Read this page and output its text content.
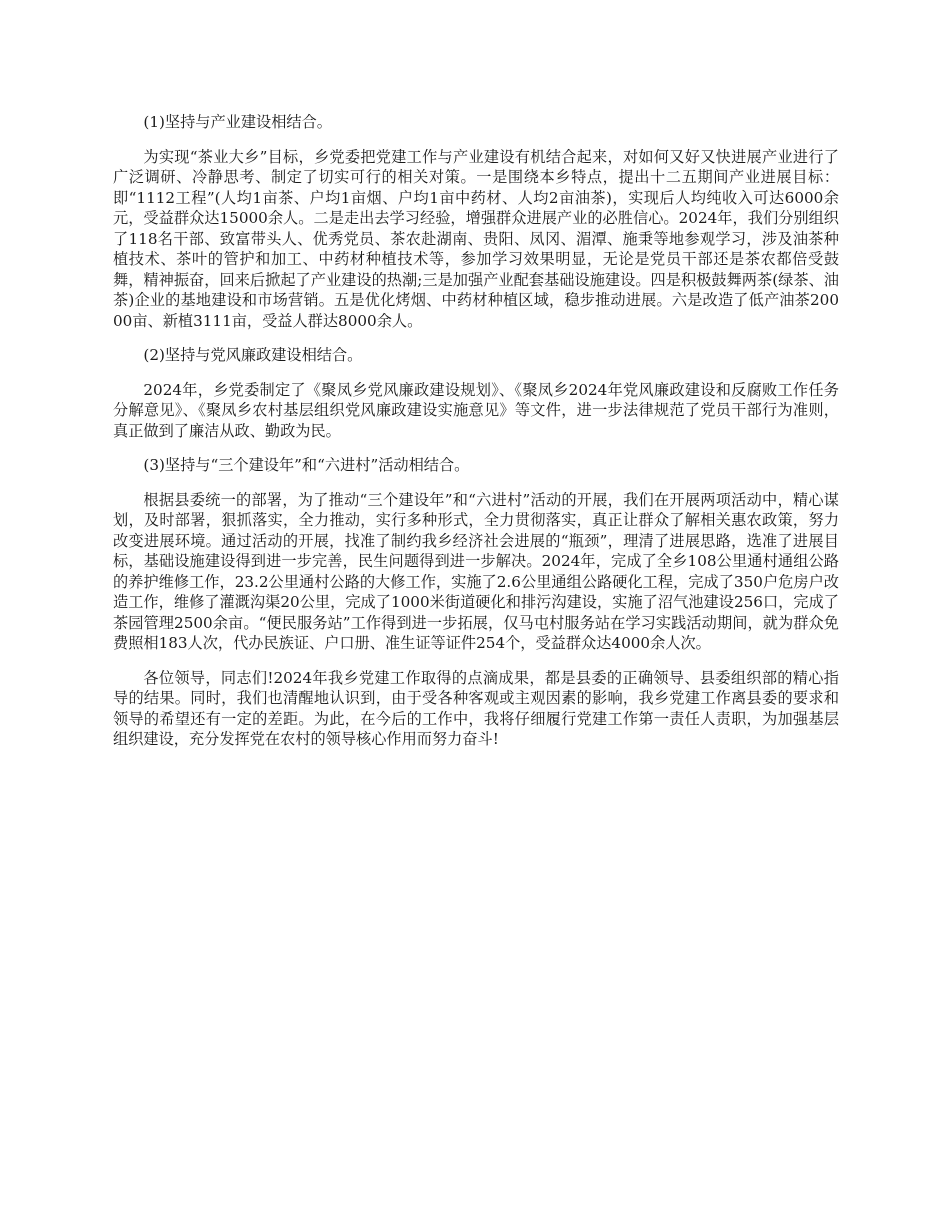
(1)坚持与产业建设相结合。

为实现“茶业大乡”目标，乡党委把党建工作与产业建设有机结合起来，对如何又好又快进展产业进行了广泛调研、冷静思考、制定了切实可行的相关对策。一是围绕本乡特点，提出十二五期间产业进展目标：即“1112工程”(人均1亩茶、户均1亩烟、户均1亩中药材、人均2亩油茶)，实现后人均纯收入可达6000余元，受益群众达15000余人。二是走出去学习经验，增强群众进展产业的必胜信心。2024年，我们分别组织了118名干部、致富带头人、优秀党员、茶农赴湖南、贵阳、凤冈、湄潭、施秉等地参观学习，涉及油茶种植技术、茶叶的管护和加工、中药材种植技术等，参加学习效果明显，无论是党员干部还是茶农都倍受鼓舞，精神振奋，回来后掀起了产业建设的热潮;三是加强产业配套基础设施建设。四是积极鼓舞两茶(绿茶、油茶)企业的基地建设和市场营销。五是优化烤烟、中药材种植区域，稳步推动进展。六是改造了低产油茶20000亩、新植3111亩，受益人群达8000余人。

(2)坚持与党风廉政建设相结合。

2024年，乡党委制定了《聚凤乡党风廉政建设规划》、《聚凤乡2024年党风廉政建设和反腐败工作任务分解意见》、《聚凤乡农村基层组织党风廉政建设实施意见》等文件，进一步法律规范了党员干部行为准则，真正做到了廉洁从政、勤政为民。

(3)坚持与“三个建设年”和“六进村”活动相结合。

根据县委统一的部署，为了推动“三个建设年”和“六进村”活动的开展，我们在开展两项活动中，精心谋划，及时部署，狠抓落实，全力推动，实行多种形式，全力贯彻落实，真正让群众了解相关惠农政策，努力改变进展环境。通过活动的开展，找准了制约我乡经济社会进展的“瓶颈”，理清了进展思路，选准了进展目标，基础设施建设得到进一步完善，民生问题得到进一步解决。2024年，完成了全乡108公里通村通组公路的养护维修工作，23.2公里通村公路的大修工作，实施了2.6公里通组公路硬化工程，完成了350户危房户改造工作，维修了灌溉沟渠20公里，完成了1000米街道硬化和排污沟建设，实施了沼气池建设256口，完成了茶园管理2500余亩。“便民服务站”工作得到进一步拓展，仅马屯村服务站在学习实践活动期间，就为群众免费照相183人次，代办民族证、户口册、准生证等证件254个，受益群众达4000余人次。

各位领导，同志们!2024年我乡党建工作取得的点滴成果，都是县委的正确领导、县委组织部的精心指导的结果。同时，我们也清醒地认识到，由于受各种客观或主观因素的影响，我乡党建工作离县委的要求和领导的希望还有一定的差距。为此，在今后的工作中，我将仔细履行党建工作第一责任人责职，为加强基层组织建设，充分发挥党在农村的领导核心作用而努力奋斗!
